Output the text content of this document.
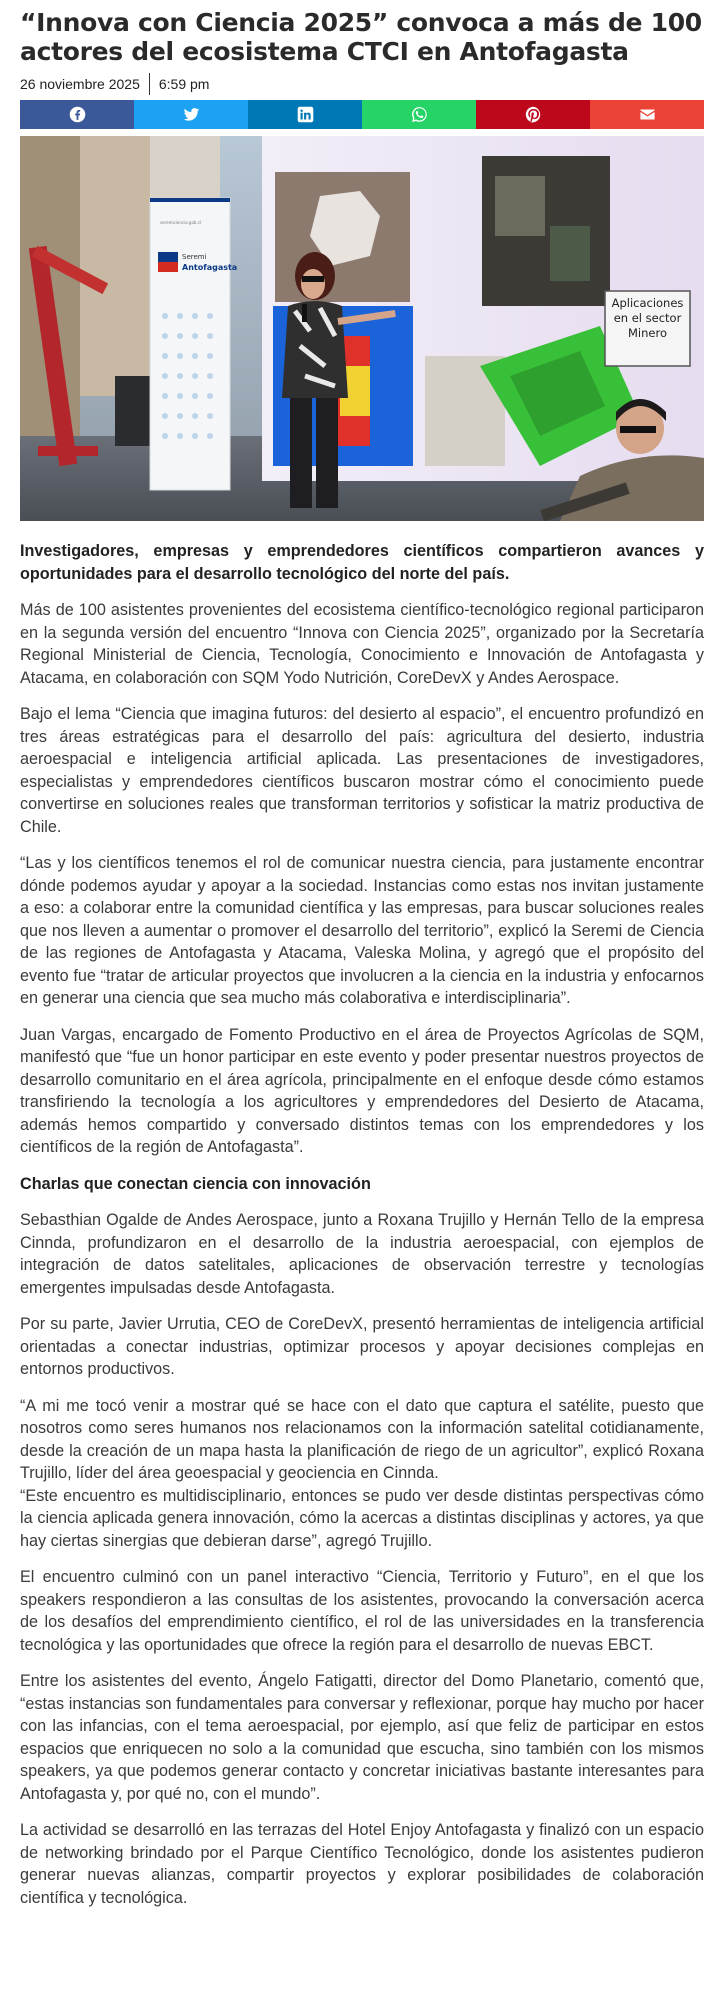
“Innova con Ciencia 2025” convoca a más de 100 actores del ecosistema CTCI en Antofagasta
26 noviembre 2025 6:59 pm
seremiciencia.gob.cl
Seremi
Antofagasta
Aplicaciones en el sector Minero

Investigadores, empresas y emprendedores científicos compartieron avances y oportunidades para el desarrollo tecnológico del norte del país.

Más de 100 asistentes provenientes del ecosistema científico-tecnológico regional participaron en la segunda versión del encuentro “Innova con Ciencia 2025”, organizado por la Secretaría Regional Ministerial de Ciencia, Tecnología, Conocimiento e Innovación de Antofagasta y Atacama, en colaboración con SQM Yodo Nutrición, CoreDevX y Andes Aerospace.

Bajo el lema “Ciencia que imagina futuros: del desierto al espacio”, el encuentro profundizó en tres áreas estratégicas para el desarrollo del país: agricultura del desierto, industria aeroespacial e inteligencia artificial aplicada. Las presentaciones de investigadores, especialistas y emprendedores científicos buscaron mostrar cómo el conocimiento puede convertirse en soluciones reales que transforman territorios y sofisticar la matriz productiva de Chile.

“Las y los científicos tenemos el rol de comunicar nuestra ciencia, para justamente encontrar dónde podemos ayudar y apoyar a la sociedad. Instancias como estas nos invitan justamente a eso: a colaborar entre la comunidad científica y las empresas, para buscar soluciones reales que nos lleven a aumentar o promover el desarrollo del territorio”, explicó la Seremi de Ciencia de las regiones de Antofagasta y Atacama, Valeska Molina, y agregó que el propósito del evento fue “tratar de articular proyectos que involucren a la ciencia en la industria y enfocarnos en generar una ciencia que sea mucho más colaborativa e interdisciplinaria”.

Juan Vargas, encargado de Fomento Productivo en el área de Proyectos Agrícolas de SQM, manifestó que “fue un honor participar en este evento y poder presentar nuestros proyectos de desarrollo comunitario en el área agrícola, principalmente en el enfoque desde cómo estamos transfiriendo la tecnología a los agricultores y emprendedores del Desierto de Atacama, además hemos compartido y conversado distintos temas con los emprendedores y los científicos de la región de Antofagasta”.

Charlas que conectan ciencia con innovación

Sebasthian Ogalde de Andes Aerospace, junto a Roxana Trujillo y Hernán Tello de la empresa Cinnda, profundizaron en el desarrollo de la industria aeroespacial, con ejemplos de integración de datos satelitales, aplicaciones de observación terrestre y tecnologías emergentes impulsadas desde Antofagasta.

Por su parte, Javier Urrutia, CEO de CoreDevX, presentó herramientas de inteligencia artificial orientadas a conectar industrias, optimizar procesos y apoyar decisiones complejas en entornos productivos.

“A mi me tocó venir a mostrar qué se hace con el dato que captura el satélite, puesto que nosotros como seres humanos nos relacionamos con la información satelital cotidianamente, desde la creación de un mapa hasta la planificación de riego de un agricultor”, explicó Roxana Trujillo, líder del área geoespacial y geociencia en Cinnda.

“Este encuentro es multidisciplinario, entonces se pudo ver desde distintas perspectivas cómo la ciencia aplicada genera innovación, cómo la acercas a distintas disciplinas y actores, ya que hay ciertas sinergias que debieran darse”, agregó Trujillo.

El encuentro culminó con un panel interactivo “Ciencia, Territorio y Futuro”, en el que los speakers respondieron a las consultas de los asistentes, provocando la conversación acerca de los desafíos del emprendimiento científico, el rol de las universidades en la transferencia tecnológica y las oportunidades que ofrece la región para el desarrollo de nuevas EBCT.

Entre los asistentes del evento, Ángelo Fatigatti, director del Domo Planetario, comentó que, “estas instancias son fundamentales para conversar y reflexionar, porque hay mucho por hacer con las infancias, con el tema aeroespacial, por ejemplo, así que feliz de participar en estos espacios que enriquecen no solo a la comunidad que escucha, sino también con los mismos speakers, ya que podemos generar contacto y concretar iniciativas bastante interesantes para Antofagasta y, por qué no, con el mundo”.

La actividad se desarrolló en las terrazas del Hotel Enjoy Antofagasta y finalizó con un espacio de networking brindado por el Parque Científico Tecnológico, donde los asistentes pudieron generar nuevas alianzas, compartir proyectos y explorar posibilidades de colaboración científica y tecnológica.
